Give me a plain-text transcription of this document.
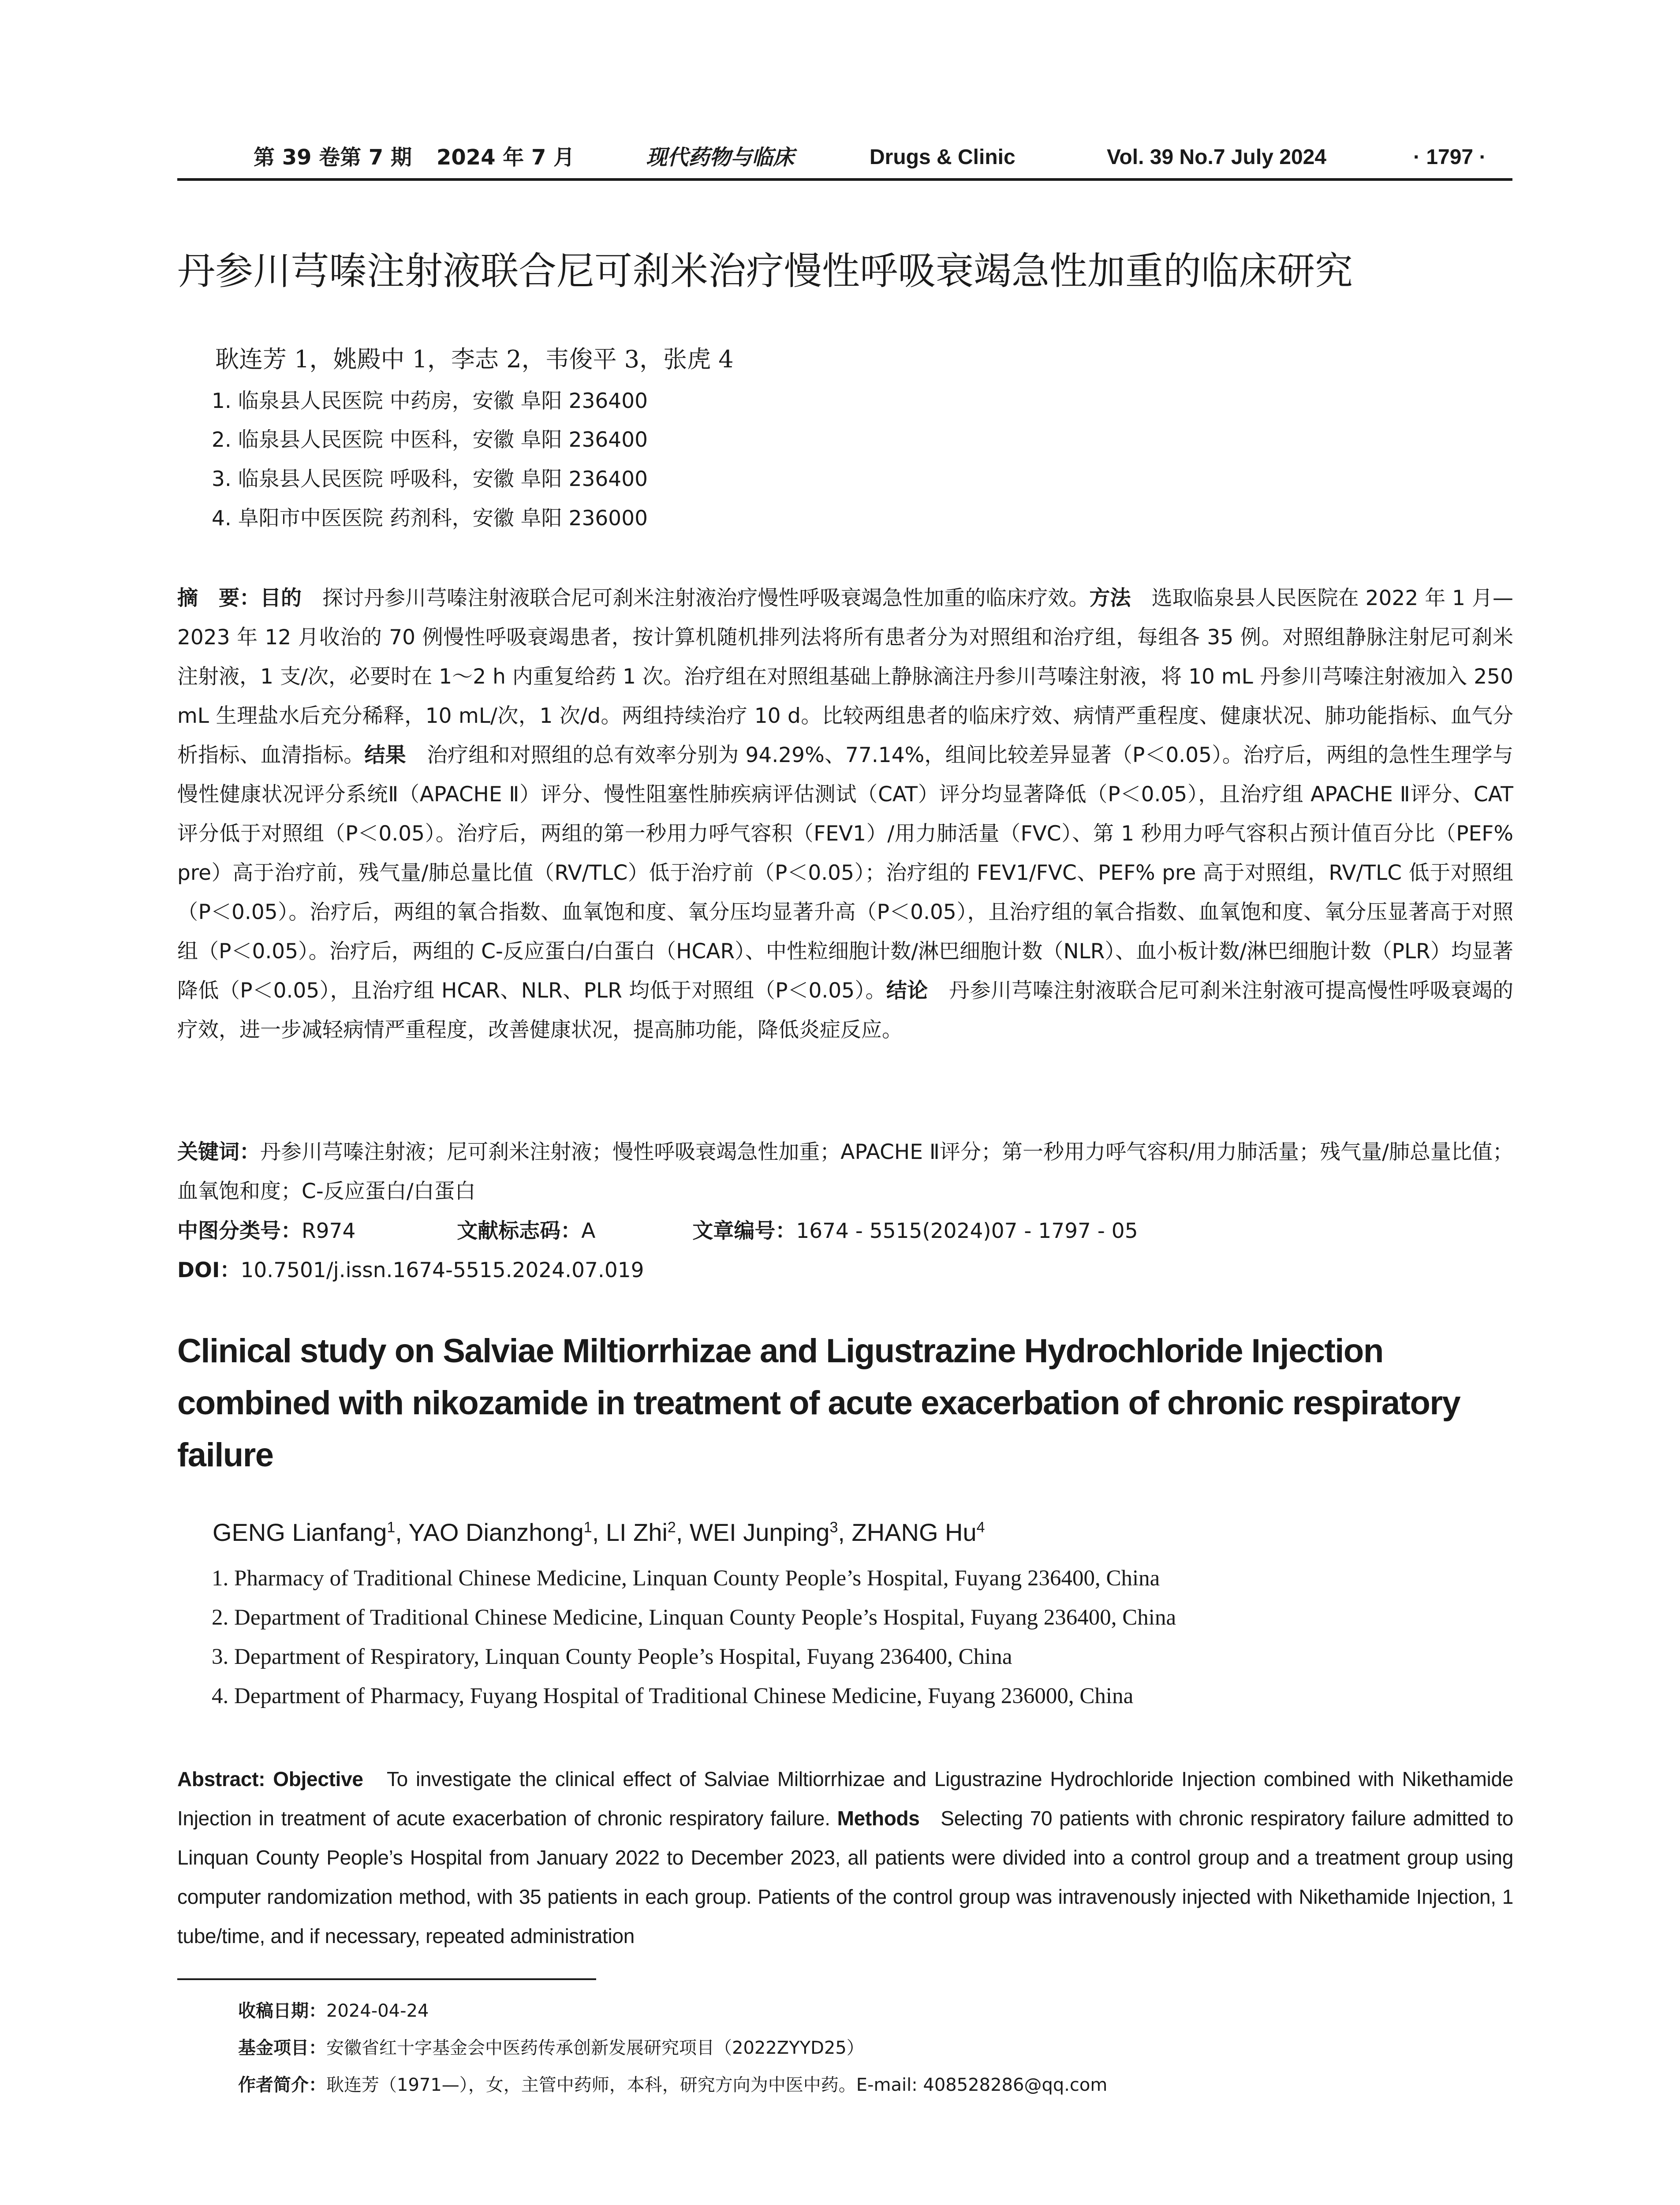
第 39 卷第 7 期 2024 年 7 月	现代药物与临床	Drugs & Clinic	Vol. 39 No.7 July 2024	· 1797 ·
丹参川芎嗪注射液联合尼可刹米治疗慢性呼吸衰竭急性加重的临床研究
耿连芳 1，姚殿中 1，李志 2，韦俊平 3，张虎 4
1. 临泉县人民医院 中药房，安徽 阜阳 236400
2. 临泉县人民医院 中医科，安徽 阜阳 236400
3. 临泉县人民医院 呼吸科，安徽 阜阳 236400
4. 阜阳市中医医院 药剂科，安徽 阜阳 236000
摘　要：目的　 探讨丹参川芎嗪注射液联合尼可刹米注射液治疗慢性呼吸衰竭急性加重的临床疗效。方法　 选取临泉县人民医院在 2022 年 1 月—2023 年 12 月收治的 70 例慢性呼吸衰竭患者，按计算机随机排列法将所有患者分为对照组和治疗组，每组各 35 例。对照组静脉注射尼可刹米注射液，1 支/次，必要时在 1～2 h 内重复给药 1 次。治疗组在对照组基础上静脉滴注丹参川芎嗪注射液，将 10 mL 丹参川芎嗪注射液加入 250 mL 生理盐水后充分稀释，10 mL/次，1 次/d。两组持续治疗 10 d。比较两组患者的临床疗效、病情严重程度、健康状况、肺功能指标、血气分析指标、血清指标。结果　 治疗组和对照组的总有效率分别为 94.29%、77.14%，组间比较差异显著（P＜0.05）。治疗后，两组的急性生理学与慢性健康状况评分系统Ⅱ（APACHE Ⅱ）评分、慢性阻塞性肺疾病评估测试（CAT）评分均显著降低（P＜0.05），且治疗组 APACHE Ⅱ评分、CAT 评分低于对照组（P＜0.05）。治疗后，两组的第一秒用力呼气容积（FEV1）/用力肺活量（FVC）、第 1 秒用力呼气容积占预计值百分比（PEF% pre）高于治疗前，残气量/肺总量比值（RV/TLC）低于治疗前（P＜0.05）；治疗组的 FEV1/FVC、PEF% pre 高于对照组，RV/TLC 低于对照组（P＜0.05）。治疗后，两组的氧合指数、血氧饱和度、氧分压均显著升高（P＜0.05），且治疗组的氧合指数、血氧饱和度、氧分压显著高于对照组（P＜0.05）。治疗后，两组的 C-反应蛋白/白蛋白（HCAR）、中性粒细胞计数/淋巴细胞计数（NLR）、血小板计数/淋巴细胞计数（PLR）均显著降低（P＜0.05），且治疗组 HCAR、NLR、PLR 均低于对照组（P＜0.05）。结论　 丹参川芎嗪注射液联合尼可刹米注射液可提高慢性呼吸衰竭的疗效，进一步减轻病情严重程度，改善健康状况，提高肺功能，降低炎症反应。
关键词：丹参川芎嗪注射液；尼可刹米注射液；慢性呼吸衰竭急性加重；APACHE Ⅱ评分；第一秒用力呼气容积/用力肺活量；残气量/肺总量比值；血氧饱和度；C-反应蛋白/白蛋白
中图分类号：R974	文献标志码：A	文章编号：1674 - 5515(2024)07 - 1797 - 05
DOI：10.7501/j.issn.1674-5515.2024.07.019
Clinical study on Salviae Miltiorrhizae and Ligustrazine Hydrochloride Injection combined with nikozamide in treatment of acute exacerbation of chronic respiratory failure
GENG Lianfang$^1$, YAO Dianzhong$^1$, LI Zhi$^2$, WEI Junping$^3$, ZHANG Hu$^4$
1. Pharmacy of Traditional Chinese Medicine, Linquan County People’s Hospital, Fuyang 236400, China
2. Department of Traditional Chinese Medicine, Linquan County People’s Hospital, Fuyang 236400, China
3. Department of Respiratory, Linquan County People’s Hospital, Fuyang 236400, China
4. Department of Pharmacy, Fuyang Hospital of Traditional Chinese Medicine, Fuyang 236000, China
Abstract: Objective To investigate the clinical effect of Salviae Miltiorrhizae and Ligustrazine Hydrochloride Injection combined with Nikethamide Injection in treatment of acute exacerbation of chronic respiratory failure. Methods Selecting 70 patients with chronic respiratory failure admitted to Linquan County People’s Hospital from January 2022 to December 2023, all patients were divided into a control group and a treatment group using computer randomization method, with 35 patients in each group. Patients of the control group was intravenously injected with Nikethamide Injection, 1 tube/time, and if necessary, repeated administration
收稿日期：2024-04-24
基金项目：安徽省红十字基金会中医药传承创新发展研究项目（2022ZYYD25）
作者简介：耿连芳（1971—），女，主管中药师，本科，研究方向为中医中药。E-mail: 408528286@qq.com
